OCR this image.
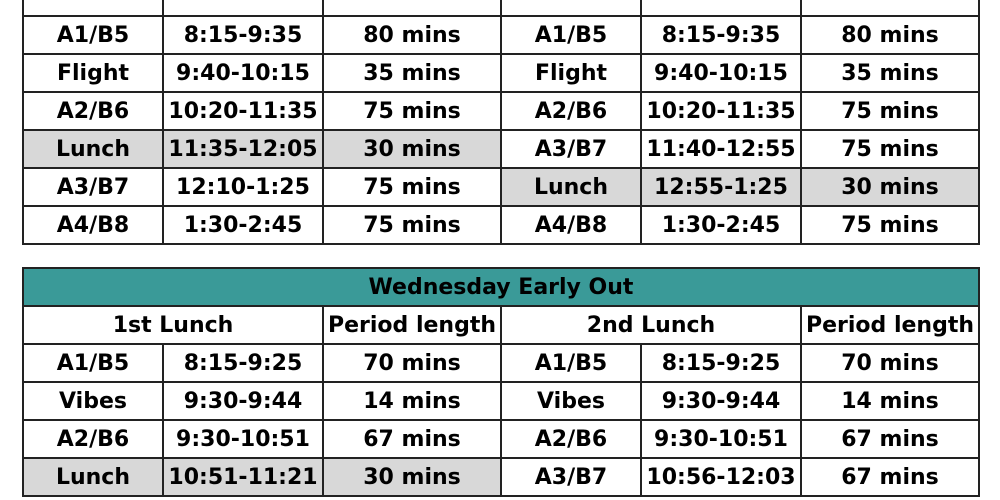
A1/B5	8:15-9:35	80 mins	A1/B5	8:15-9:35	80 mins
Flight	9:40-10:15	35 mins	Flight	9:40-10:15	35 mins
A2/B6	10:20-11:35	75 mins	A2/B6	10:20-11:35	75 mins
Lunch	11:35-12:05	30 mins	A3/B7	11:40-12:55	75 mins
A3/B7	12:10-1:25	75 mins	Lunch	12:55-1:25	30 mins
A4/B8	1:30-2:45	75 mins	A4/B8	1:30-2:45	75 mins
Wednesday Early Out					
1st Lunch		Period length	2nd Lunch		Period length
A1/B5	8:15-9:25	70 mins	A1/B5	8:15-9:25	70 mins
Vibes	9:30-9:44	14 mins	Vibes	9:30-9:44	14 mins
A2/B6	9:30-10:51	67 mins	A2/B6	9:30-10:51	67 mins
Lunch	10:51-11:21	30 mins	A3/B7	10:56-12:03	67 mins
